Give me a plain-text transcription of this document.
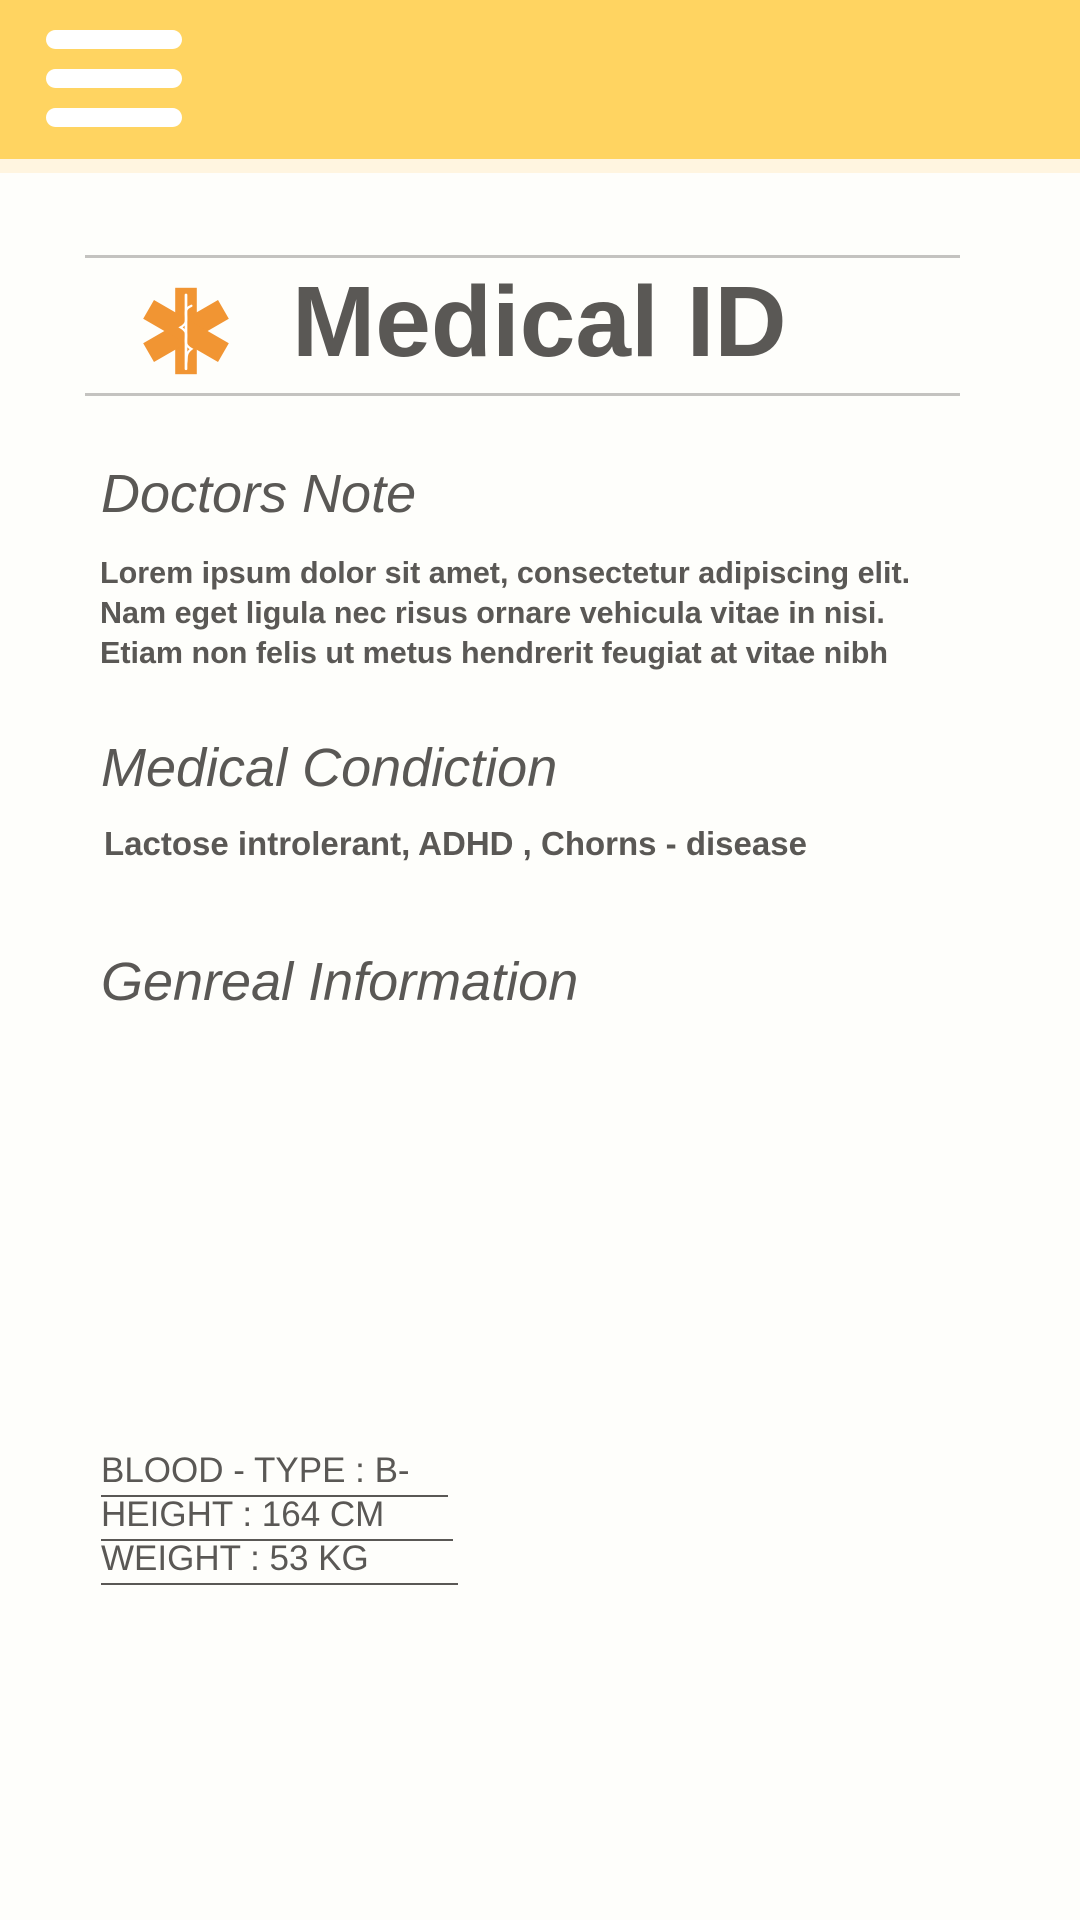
Medical ID
Doctors Note
Lorem ipsum dolor sit amet, consectetur adipiscing elit.
Nam eget ligula nec risus ornare vehicula vitae in nisi.
Etiam non felis ut metus hendrerit feugiat at vitae nibh
Medical Condiction
Lactose introlerant, ADHD , Chorns - disease
Genreal Information
BLOOD - TYPE : B-
HEIGHT : 164 CM
WEIGHT : 53 KG
